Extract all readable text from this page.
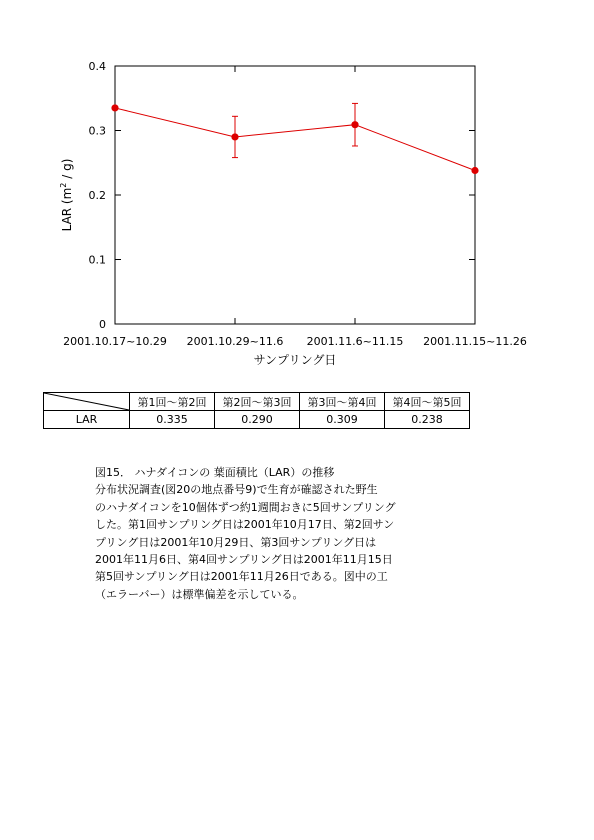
0
0.1
0.2
0.3
0.4
2001.10.17~10.29 2001.10.29~11.6 2001.11.6~11.15 2001.11.15~11.26
サンプリング日
LAR $(m^2 / g)$
	第1回～第2回	第2回～第3回	第3回～第4回	第4回～第5回
LAR	0.335	0.290	0.309	0.238

図15． ハナダイコンの 葉面積比（LAR）の推移

分布状況調査(図20の地点番号9)で生育が確認された野生
のハナダイコンを10個体ずつ約1週間おきに5回サンプリング
した。第1回サンプリング日は2001年10月17日、第2回サン
プリング日は2001年10月29日、第3回サンプリング日は
2001年11月6日、第4回サンプリング日は2001年11月15日
第5回サンプリング日は2001年11月26日である。図中の工
（エラーバー）は標準偏差を示している。
